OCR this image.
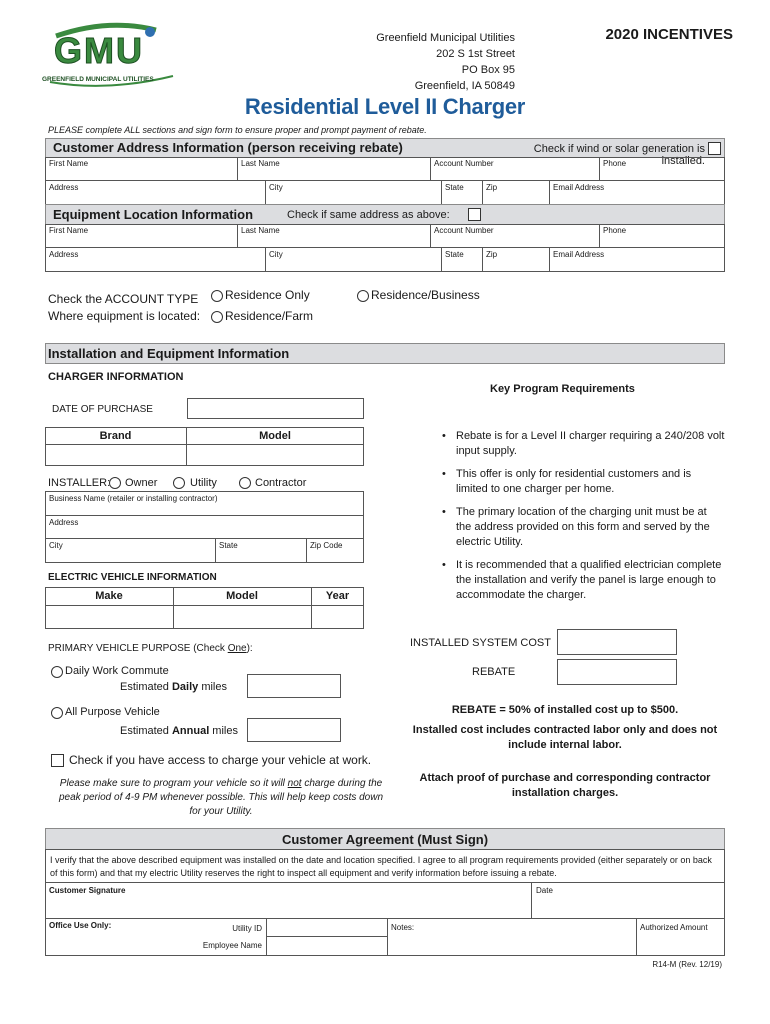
GMU
GREENFIELD MUNICIPAL UTILITIES
Greenfield Municipal Utilities
202 S 1st Street
PO Box 95
Greenfield, IA 50849
2020 INCENTIVES
Residential Level II Charger
PLEASE complete ALL sections and sign form to ensure proper and prompt payment of rebate.
Customer Address Information (person receiving rebate)	Check if wind or solar generation is installed.
First Name	Last Name	Account Number	Phone
Address	City	State	Zip	Email Address
Equipment Location Information	Check if same address as above:
First Name	Last Name	Account Number	Phone
Address	City	State	Zip	Email Address
Check the ACCOUNT TYPE
Where equipment is located:
Residence Only	Residence/Business
Residence/Farm
Installation and Equipment Information
CHARGER INFORMATION
DATE OF PURCHASE
Brand	Model
INSTALLER: Owner	Utility	Contractor
Business Name (retailer or installing contractor)
Address
City	State	Zip Code
ELECTRIC VEHICLE INFORMATION
Make	Model	Year
PRIMARY VEHICLE PURPOSE (Check One):
Daily Work Commute
Estimated Daily miles
All Purpose Vehicle
Estimated Annual miles
Check if you have access to charge your vehicle at work.
Please make sure to program your vehicle so it will not charge during the peak period of 4-9 PM whenever possible. This will help keep costs down for your Utility.
Key Program Requirements
• Rebate is for a Level II charger requiring a 240/208 volt input supply.
• This offer is only for residential customers and is limited to one charger per home.
• The primary location of the charging unit must be at the address provided on this form and served by the electric Utility.
• It is recommended that a qualified electrician complete the installation and verify the panel is large enough to accommodate the charger.
INSTALLED SYSTEM COST
REBATE
REBATE = 50% of installed cost up to $500.
Installed cost includes contracted labor only and does not include internal labor.
Attach proof of purchase and corresponding contractor installation charges.
Customer Agreement (Must Sign)
I verify that the above described equipment was installed on the date and location specified. I agree to all program requirements provided (either separately or on back of this form) and that my electric Utility reserves the right to inspect all equipment and verify information before issuing a rebate.
Customer Signature	Date
Office Use Only:	Utility ID
Employee Name
Notes:	Authorized Amount
R14-M (Rev. 12/19)
